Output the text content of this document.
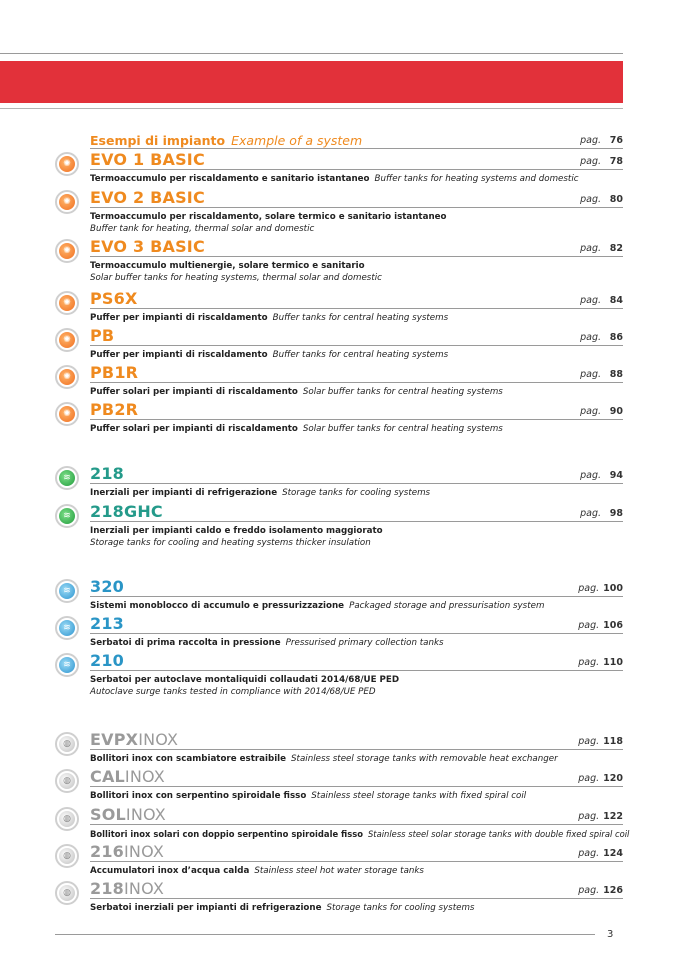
Esempi di impianto Example of a system	pag. 76
✺ EVO 1 BASIC	pag. 78
Termoaccumulo per riscaldamento e sanitario istantaneo Buffer tanks for heating systems and domestic
✺ EVO 2 BASIC	pag. 80
Termoaccumulo per riscaldamento, solare termico e sanitario istantaneo
Buffer tank for heating, thermal solar and domestic
✺ EVO 3 BASIC	pag. 82
Termoaccumulo multienergie, solare termico e sanitario
Solar buffer tanks for heating systems, thermal solar and domestic
✺ PS6X	pag. 84
Puffer per impianti di riscaldamento Buffer tanks for central heating systems
✺ PB	pag. 86
Puffer per impianti di riscaldamento Buffer tanks for central heating systems
✺ PB1R	pag. 88
Puffer solari per impianti di riscaldamento Solar buffer tanks for central heating systems
✺ PB2R	pag. 90
Puffer solari per impianti di riscaldamento Solar buffer tanks for central heating systems
≋ 218	pag. 94
Inerziali per impianti di refrigerazione Storage tanks for cooling systems
≋ 218GHC	pag. 98
Inerziali per impianti caldo e freddo isolamento maggiorato
Storage tanks for cooling and heating systems thicker insulation
≋ 320	pag. 100
Sistemi monoblocco di accumulo e pressurizzazione Packaged storage and pressurisation system
≋ 213	pag. 106
Serbatoi di prima raccolta in pressione Pressurised primary collection tanks
≋ 210	pag. 110
Serbatoi per autoclave montaliquidi collaudati 2014/68/UE PED
Autoclave surge tanks tested in compliance with 2014/68/UE PED
◍ EVPXINOX	pag. 118
Bollitori inox con scambiatore estraibile Stainless steel storage tanks with removable heat exchanger
◍ CALINOX	pag. 120
Bollitori inox con serpentino spiroidale fisso Stainless steel storage tanks with fixed spiral coil
◍ SOLINOX	pag. 122
Bollitori inox solari con doppio serpentino spiroidale fisso Stainless steel solar storage tanks with double fixed spiral coil
◍ 216INOX	pag. 124
Accumulatori inox d’acqua calda Stainless steel hot water storage tanks
◍ 218INOX	pag. 126
Serbatoi inerziali per impianti di refrigerazione Storage tanks for cooling systems
3
